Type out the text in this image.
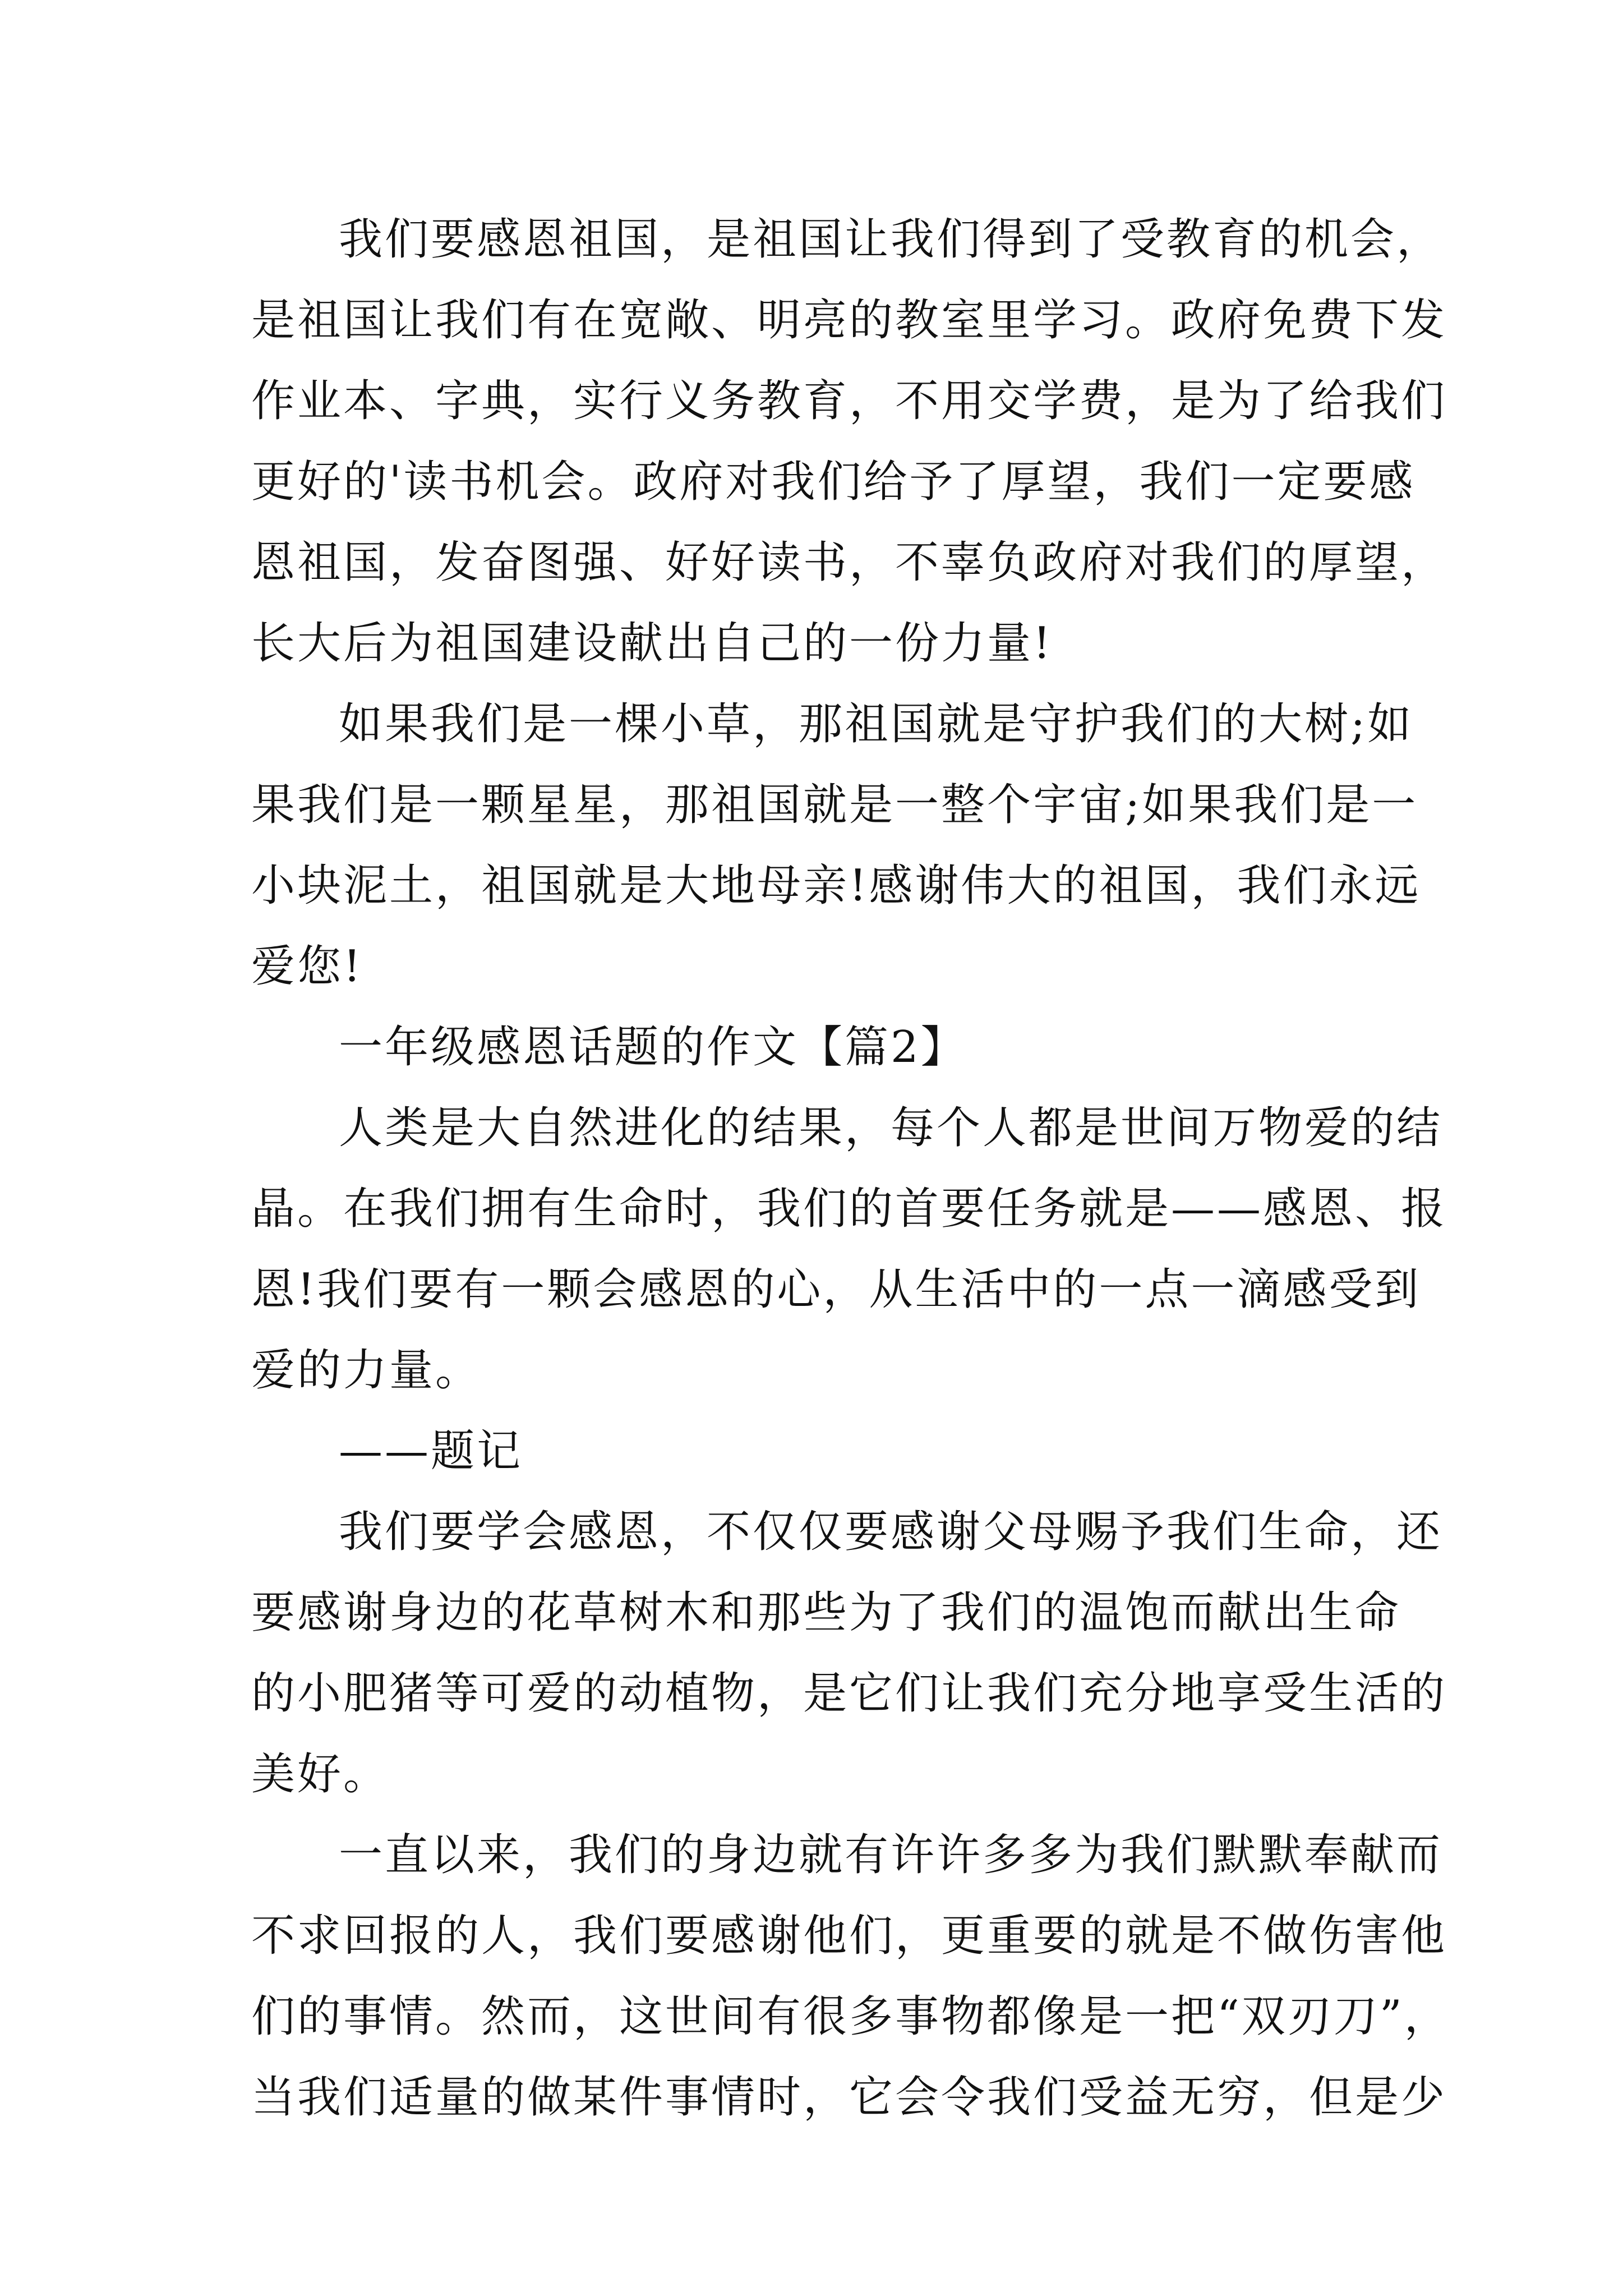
我们要感恩祖国，是祖国让我们得到了受教育的机会，
是祖国让我们有在宽敞、明亮的教室里学习。政府免费下发
作业本、字典，实行义务教育，不用交学费，是为了给我们
更好的'读书机会。政府对我们给予了厚望，我们一定要感
恩祖国，发奋图强、好好读书，不辜负政府对我们的厚望，
长大后为祖国建设献出自己的一份力量!
如果我们是一棵小草，那祖国就是守护我们的大树;如
果我们是一颗星星，那祖国就是一整个宇宙;如果我们是一
小块泥土，祖国就是大地母亲!感谢伟大的祖国，我们永远
爱您!
一年级感恩话题的作文【篇2】
人类是大自然进化的结果，每个人都是世间万物爱的结
晶。在我们拥有生命时，我们的首要任务就是——感恩、报
恩!我们要有一颗会感恩的心，从生活中的一点一滴感受到
爱的力量。
——题记
我们要学会感恩，不仅仅要感谢父母赐予我们生命，还
要感谢身边的花草树木和那些为了我们的温饱而献出生命
的小肥猪等可爱的动植物，是它们让我们充分地享受生活的
美好。
一直以来，我们的身边就有许许多多为我们默默奉献而
不求回报的人，我们要感谢他们，更重要的就是不做伤害他
们的事情。然而，这世间有很多事物都像是一把“双刃刀”，
当我们适量的做某件事情时，它会令我们受益无穷，但是少
